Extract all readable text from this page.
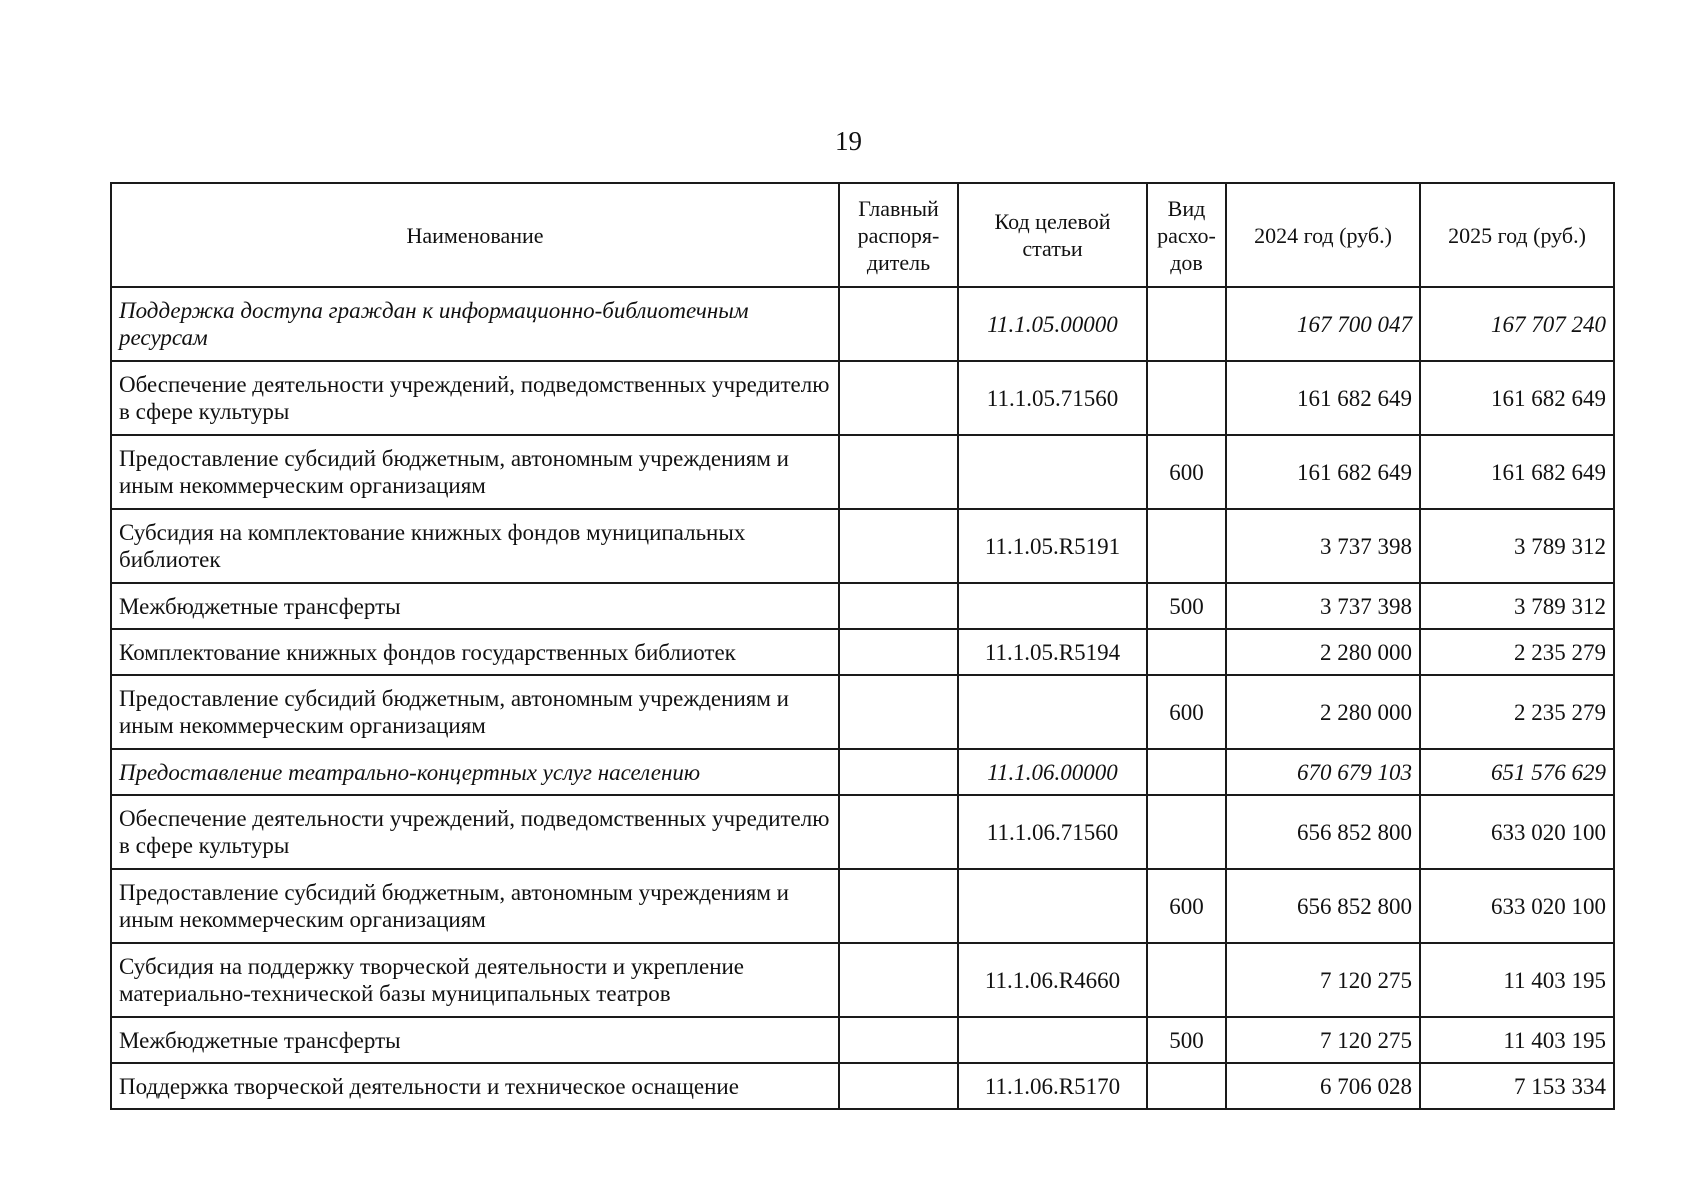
19
Наименование	Главный распоря-дитель	Код целевой статьи	Вид расхо-дов	2024 год (руб.)	2025 год (руб.)
Поддержка доступа граждан к информационно-библиотечным ресурсам		11.1.05.00000		167 700 047	167 707 240
Обеспечение деятельности учреждений, подведомственных учредителю в сфере культуры		11.1.05.71560		161 682 649	161 682 649
Предоставление субсидий бюджетным, автономным учреждениям и иным некоммерческим организациям			600	161 682 649	161 682 649
Субсидия на комплектование книжных фондов муниципальных библиотек		11.1.05.R5191		3 737 398	3 789 312
Межбюджетные трансферты			500	3 737 398	3 789 312
Комплектование книжных фондов государственных библиотек		11.1.05.R5194		2 280 000	2 235 279
Предоставление субсидий бюджетным, автономным учреждениям и иным некоммерческим организациям			600	2 280 000	2 235 279
Предоставление театрально-концертных услуг населению		11.1.06.00000		670 679 103	651 576 629
Обеспечение деятельности учреждений, подведомственных учредителю в сфере культуры		11.1.06.71560		656 852 800	633 020 100
Предоставление субсидий бюджетным, автономным учреждениям и иным некоммерческим организациям			600	656 852 800	633 020 100
Субсидия на поддержку творческой деятельности и укрепление материально-технической базы муниципальных театров		11.1.06.R4660		7 120 275	11 403 195
Межбюджетные трансферты			500	7 120 275	11 403 195
Поддержка творческой деятельности и техническое оснащение		11.1.06.R5170		6 706 028	7 153 334
